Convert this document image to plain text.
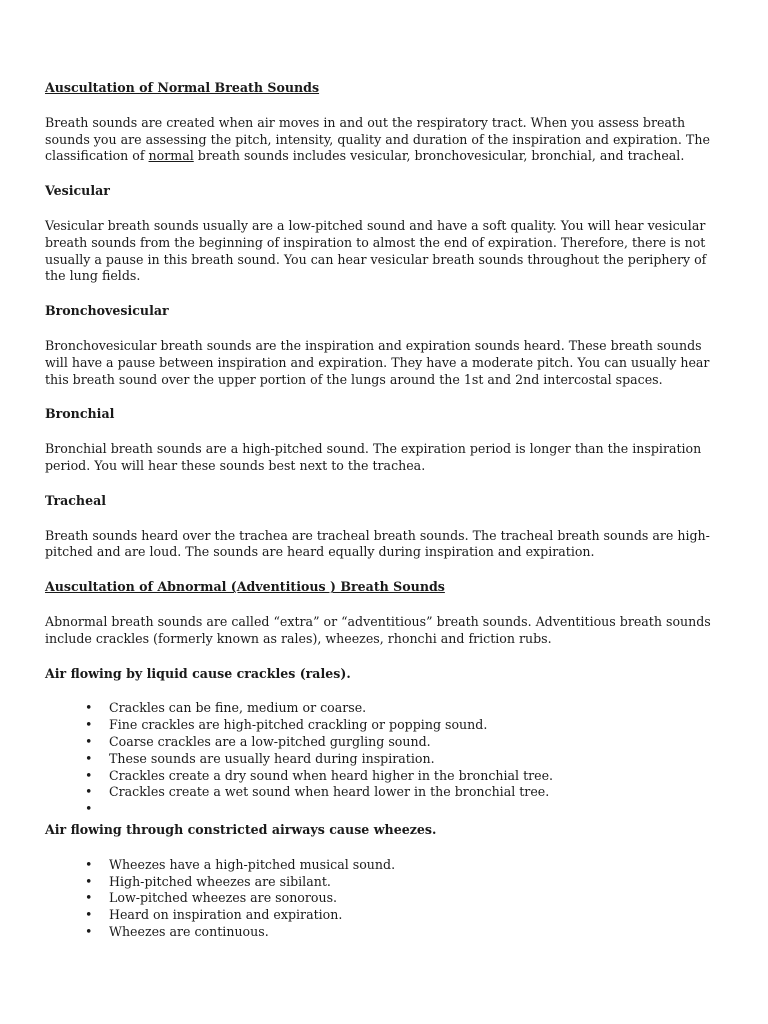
Auscultation of Normal Breath Sounds

Breath sounds are created when air moves in and out the respiratory tract. When you assess breath sounds you are assessing the pitch, intensity, quality and duration of the inspiration and expiration. The classification of normal breath sounds includes vesicular, bronchovesicular, bronchial, and tracheal.

Vesicular

Vesicular breath sounds usually are a low-pitched sound and have a soft quality. You will hear vesicular breath sounds from the beginning of inspiration to almost the end of expiration. Therefore, there is not usually a pause in this breath sound. You can hear vesicular breath sounds throughout the periphery of the lung fields.

Bronchovesicular

Bronchovesicular breath sounds are the inspiration and expiration sounds heard. These breath sounds will have a pause between inspiration and expiration. They have a moderate pitch. You can usually hear this breath sound over the upper portion of the lungs around the 1st and 2nd intercostal spaces.

Bronchial

Bronchial breath sounds are a high-pitched sound. The expiration period is longer than the inspiration period. You will hear these sounds best next to the trachea.

Tracheal

Breath sounds heard over the trachea are tracheal breath sounds. The tracheal breath sounds are high-pitched and are loud. The sounds are heard equally during inspiration and expiration.

Auscultation of Abnormal (Adventitious ) Breath Sounds

Abnormal breath sounds are called “extra” or “adventitious” breath sounds. Adventitious breath sounds include crackles (formerly known as rales), wheezes, rhonchi and friction rubs.

Air flowing by liquid cause crackles (rales).
• Crackles can be fine, medium or coarse.
• Fine crackles are high-pitched crackling or popping sound.
• Coarse crackles are a low-pitched gurgling sound.
• These sounds are usually heard during inspiration.
• Crackles create a dry sound when heard higher in the bronchial tree.
• Crackles create a wet sound when heard lower in the bronchial tree.
•
Air flowing through constricted airways cause wheezes.
• Wheezes have a high-pitched musical sound.
• High-pitched wheezes are sibilant.
• Low-pitched wheezes are sonorous.
• Heard on inspiration and expiration.
• Wheezes are continuous.
